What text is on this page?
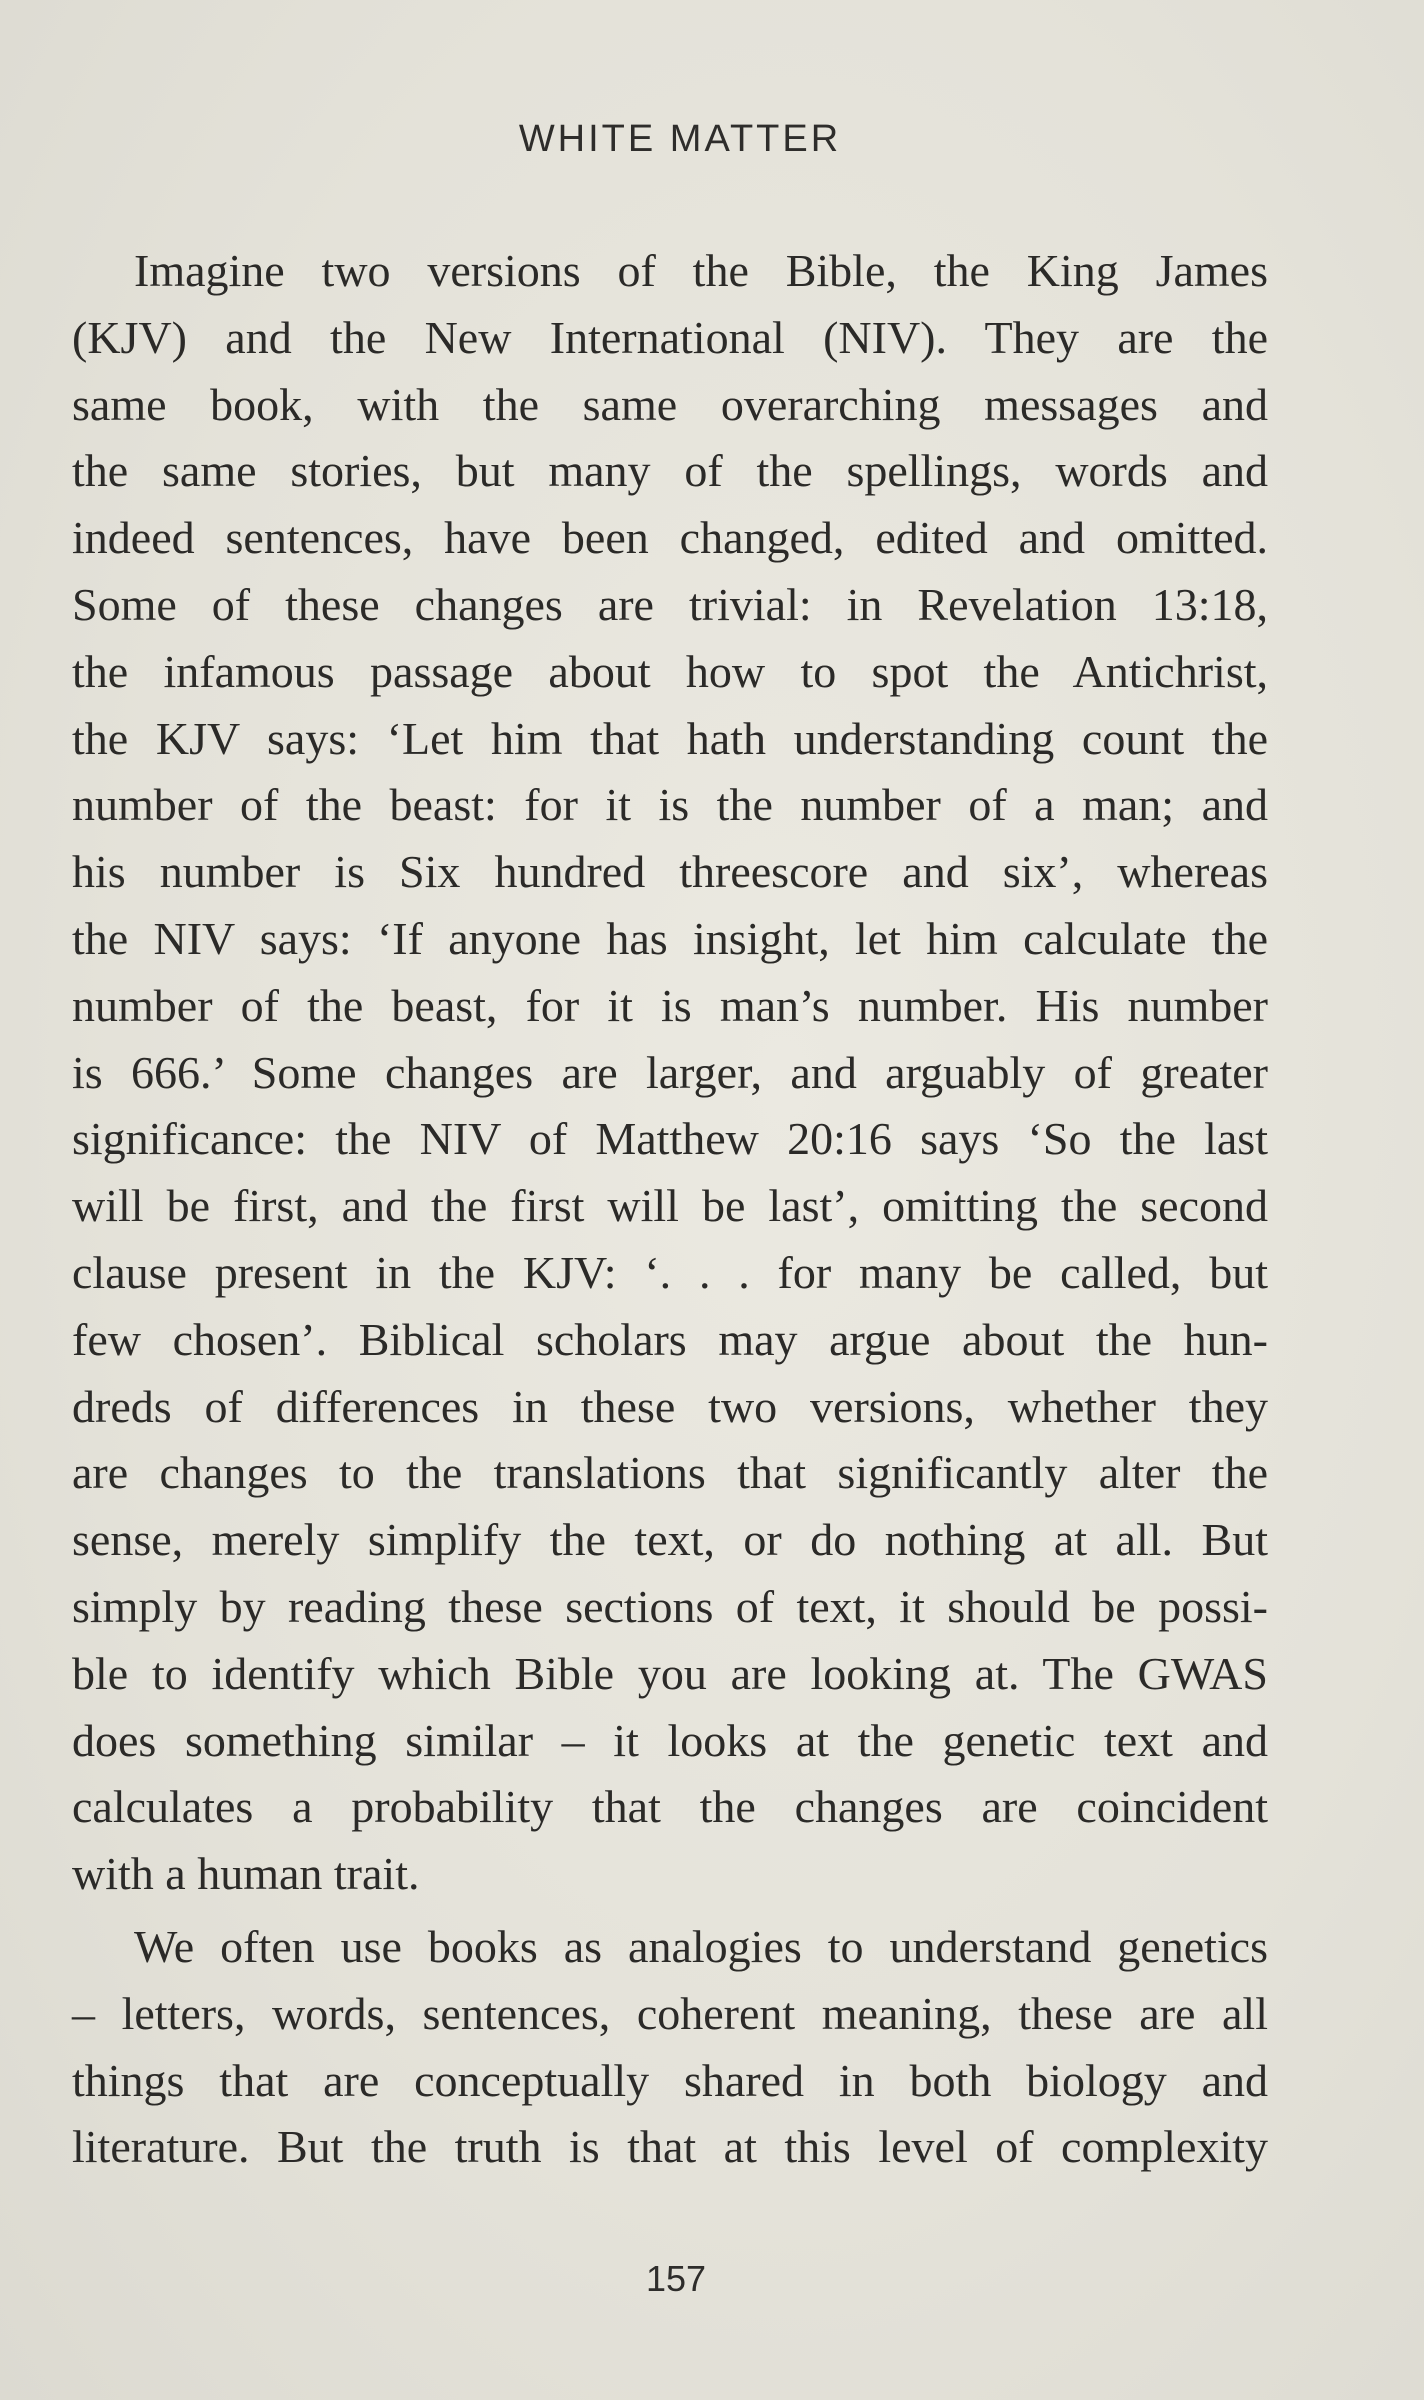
WHITE MATTER
Imagine two versions of the Bible, the King James
(KJV) and the New International (NIV). They are the
same book, with the same overarching messages and
the same stories, but many of the spellings, words and
indeed sentences, have been changed, edited and omitted.
Some of these changes are trivial: in Revelation 13:18,
the infamous passage about how to spot the Antichrist,
the KJV says: ‘Let him that hath understanding count the
number of the beast: for it is the number of a man; and
his number is Six hundred threescore and six’, whereas
the NIV says: ‘If anyone has insight, let him calculate the
number of the beast, for it is man’s number. His number
is 666.’ Some changes are larger, and arguably of greater
significance: the NIV of Matthew 20:16 says ‘So the last
will be first, and the first will be last’, omitting the second
clause present in the KJV: ‘. . . for many be called, but
few chosen’. Biblical scholars may argue about the hun-
dreds of differences in these two versions, whether they
are changes to the translations that significantly alter the
sense, merely simplify the text, or do nothing at all. But
simply by reading these sections of text, it should be possi-
ble to identify which Bible you are looking at. The GWAS
does something similar – it looks at the genetic text and
calculates a probability that the changes are coincident
with a human trait.
We often use books as analogies to understand genetics
– letters, words, sentences, coherent meaning, these are all
things that are conceptually shared in both biology and
literature. But the truth is that at this level of complexity
157
